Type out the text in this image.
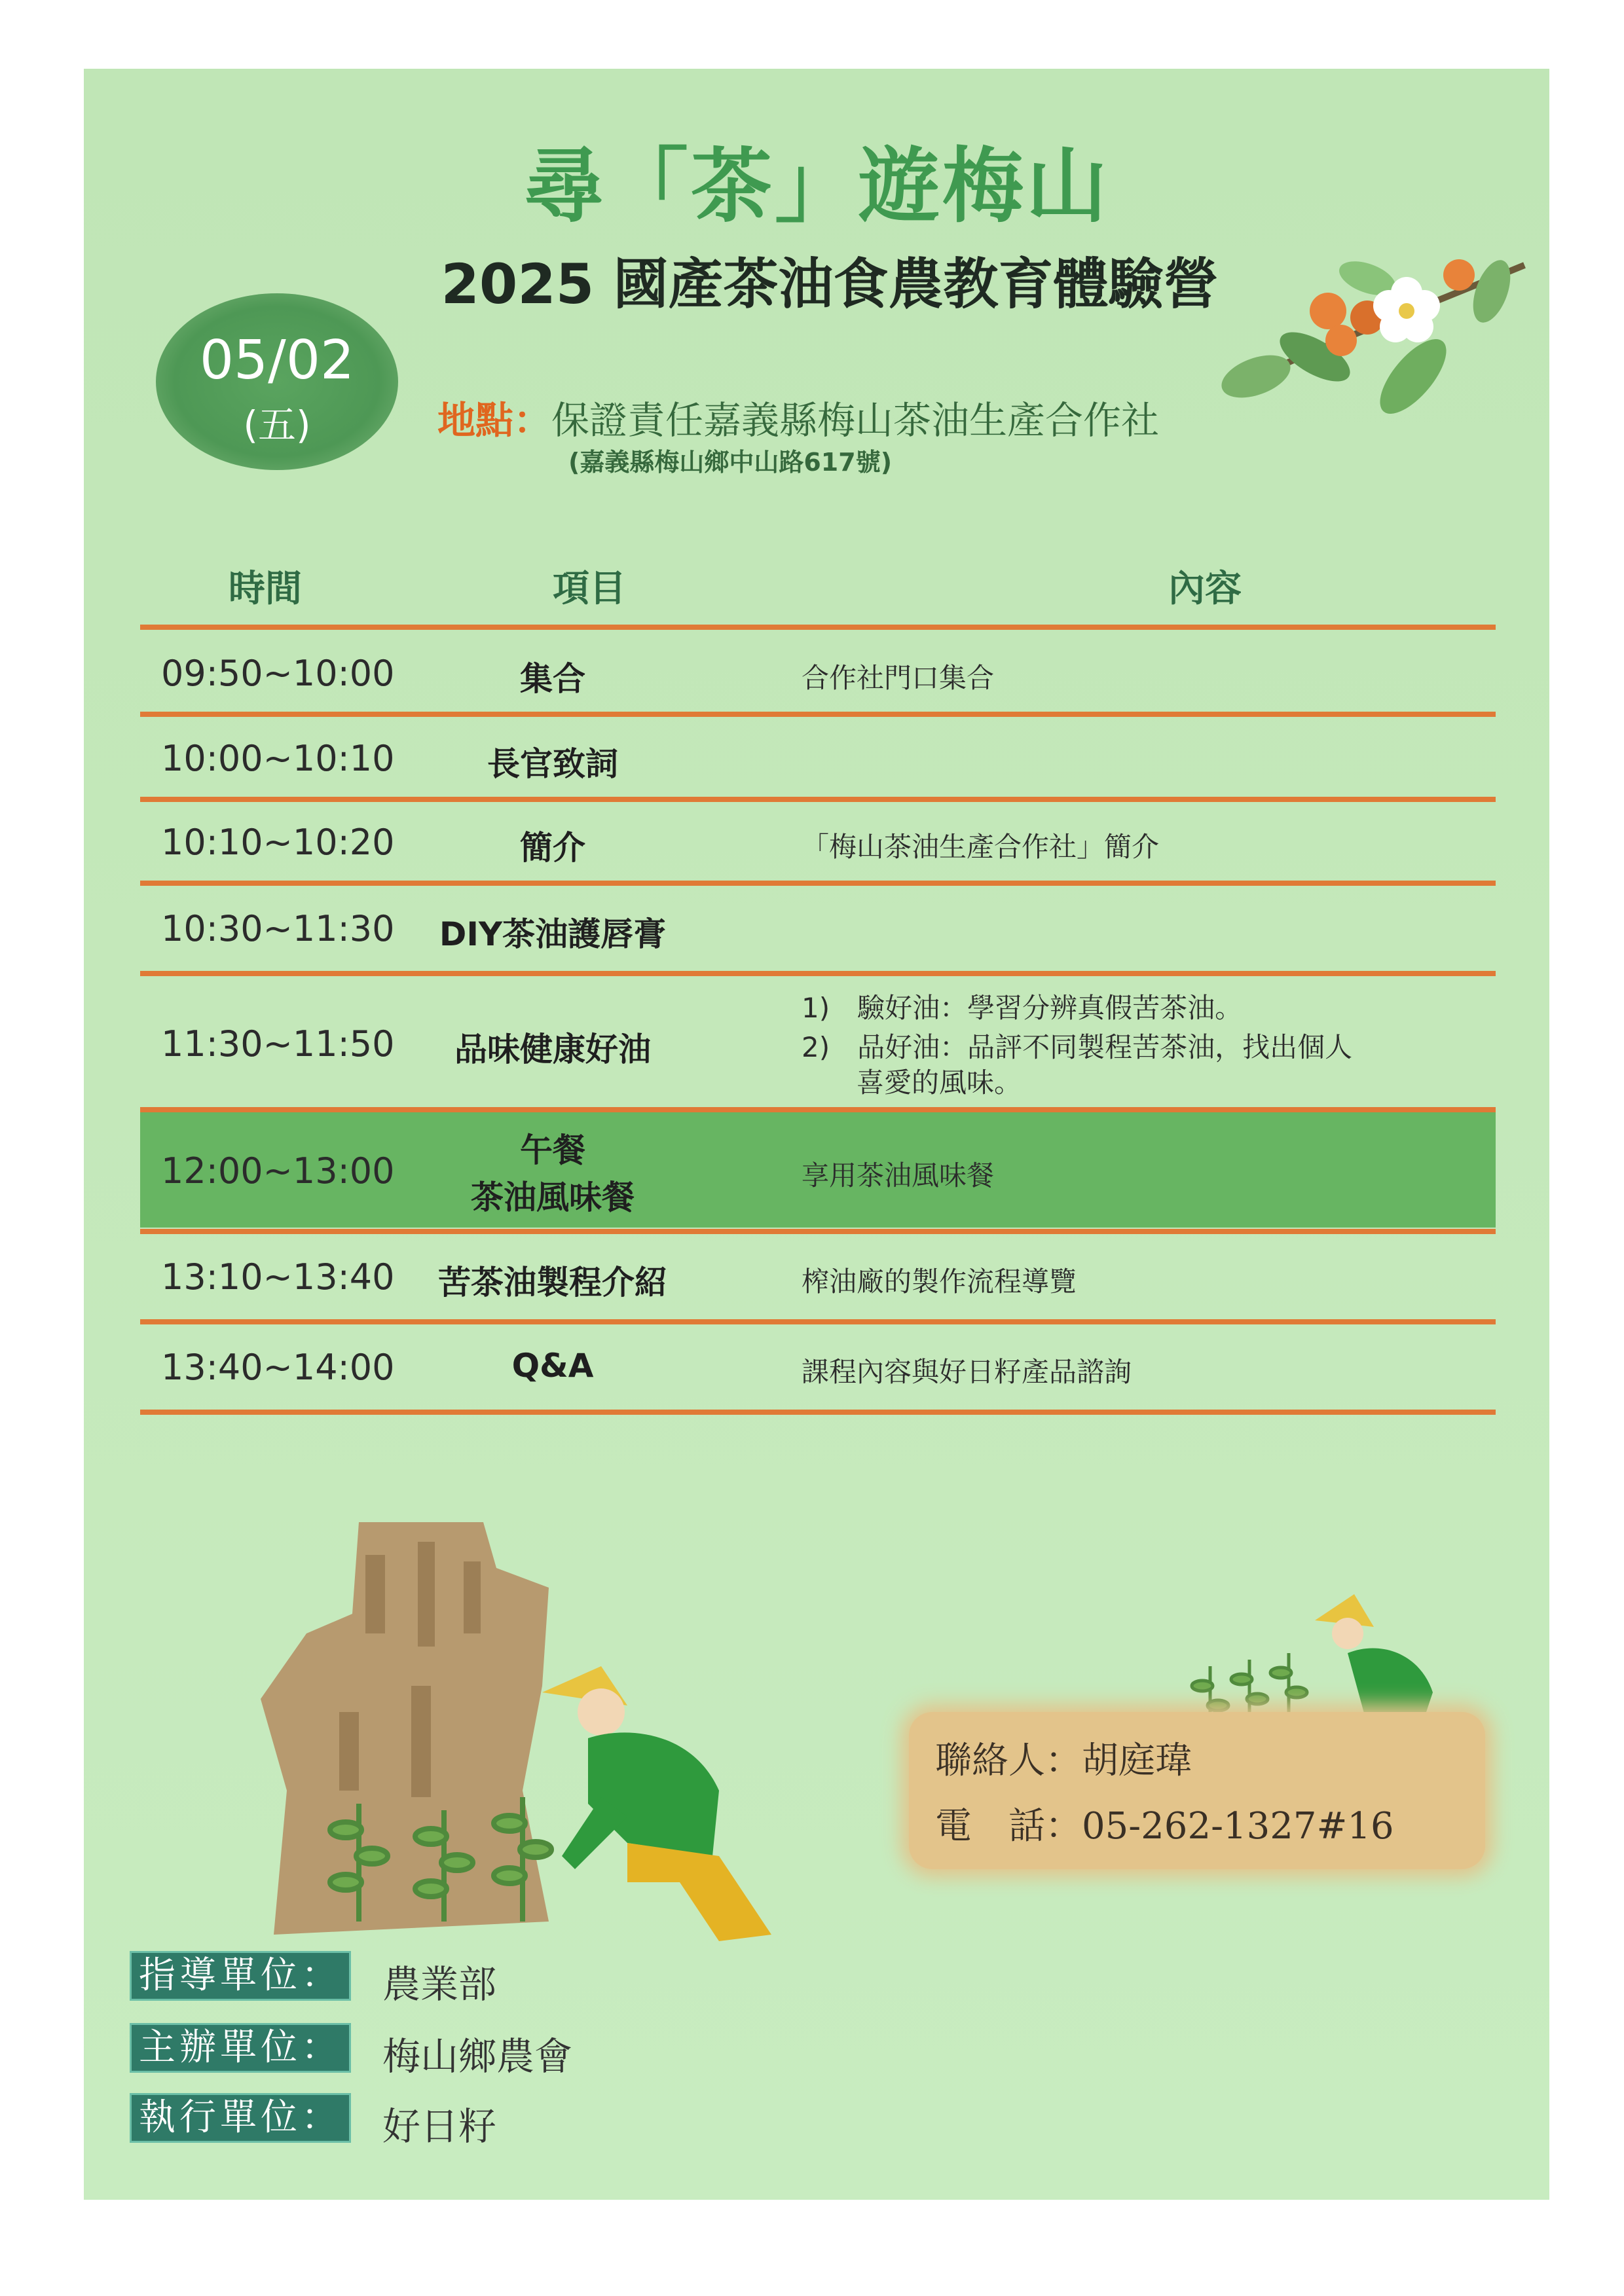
尋「茶」遊梅山
2025 國產茶油食農教育體驗營
05/02
(五)	地點：保證責任嘉義縣梅山茶油生產合作社
(嘉義縣梅山鄉中山路617號)
時間	項目	內容
09:50~10:00	集合	合作社門口集合
10:00~10:10	長官致詞
10:10~10:20	簡介	「梅山茶油生產合作社」簡介
10:30~11:30	DIY茶油護唇膏
11:30~11:50	品味健康好油
1)　驗好油：學習分辨真假苦茶油。
2)　品好油：品評不同製程苦茶油，找出個人
　　喜愛的風味。
12:00~13:00	午餐
茶油風味餐
享用茶油風味餐
13:10~13:40	苦茶油製程介紹	榨油廠的製作流程導覽
13:40~14:00	Q&A	課程內容與好日籽產品諮詢
聯絡人：胡庭瑋
電　話：05-262-1327#16
指導單位： 農業部
主辦單位： 梅山鄉農會
執行單位： 好日籽
